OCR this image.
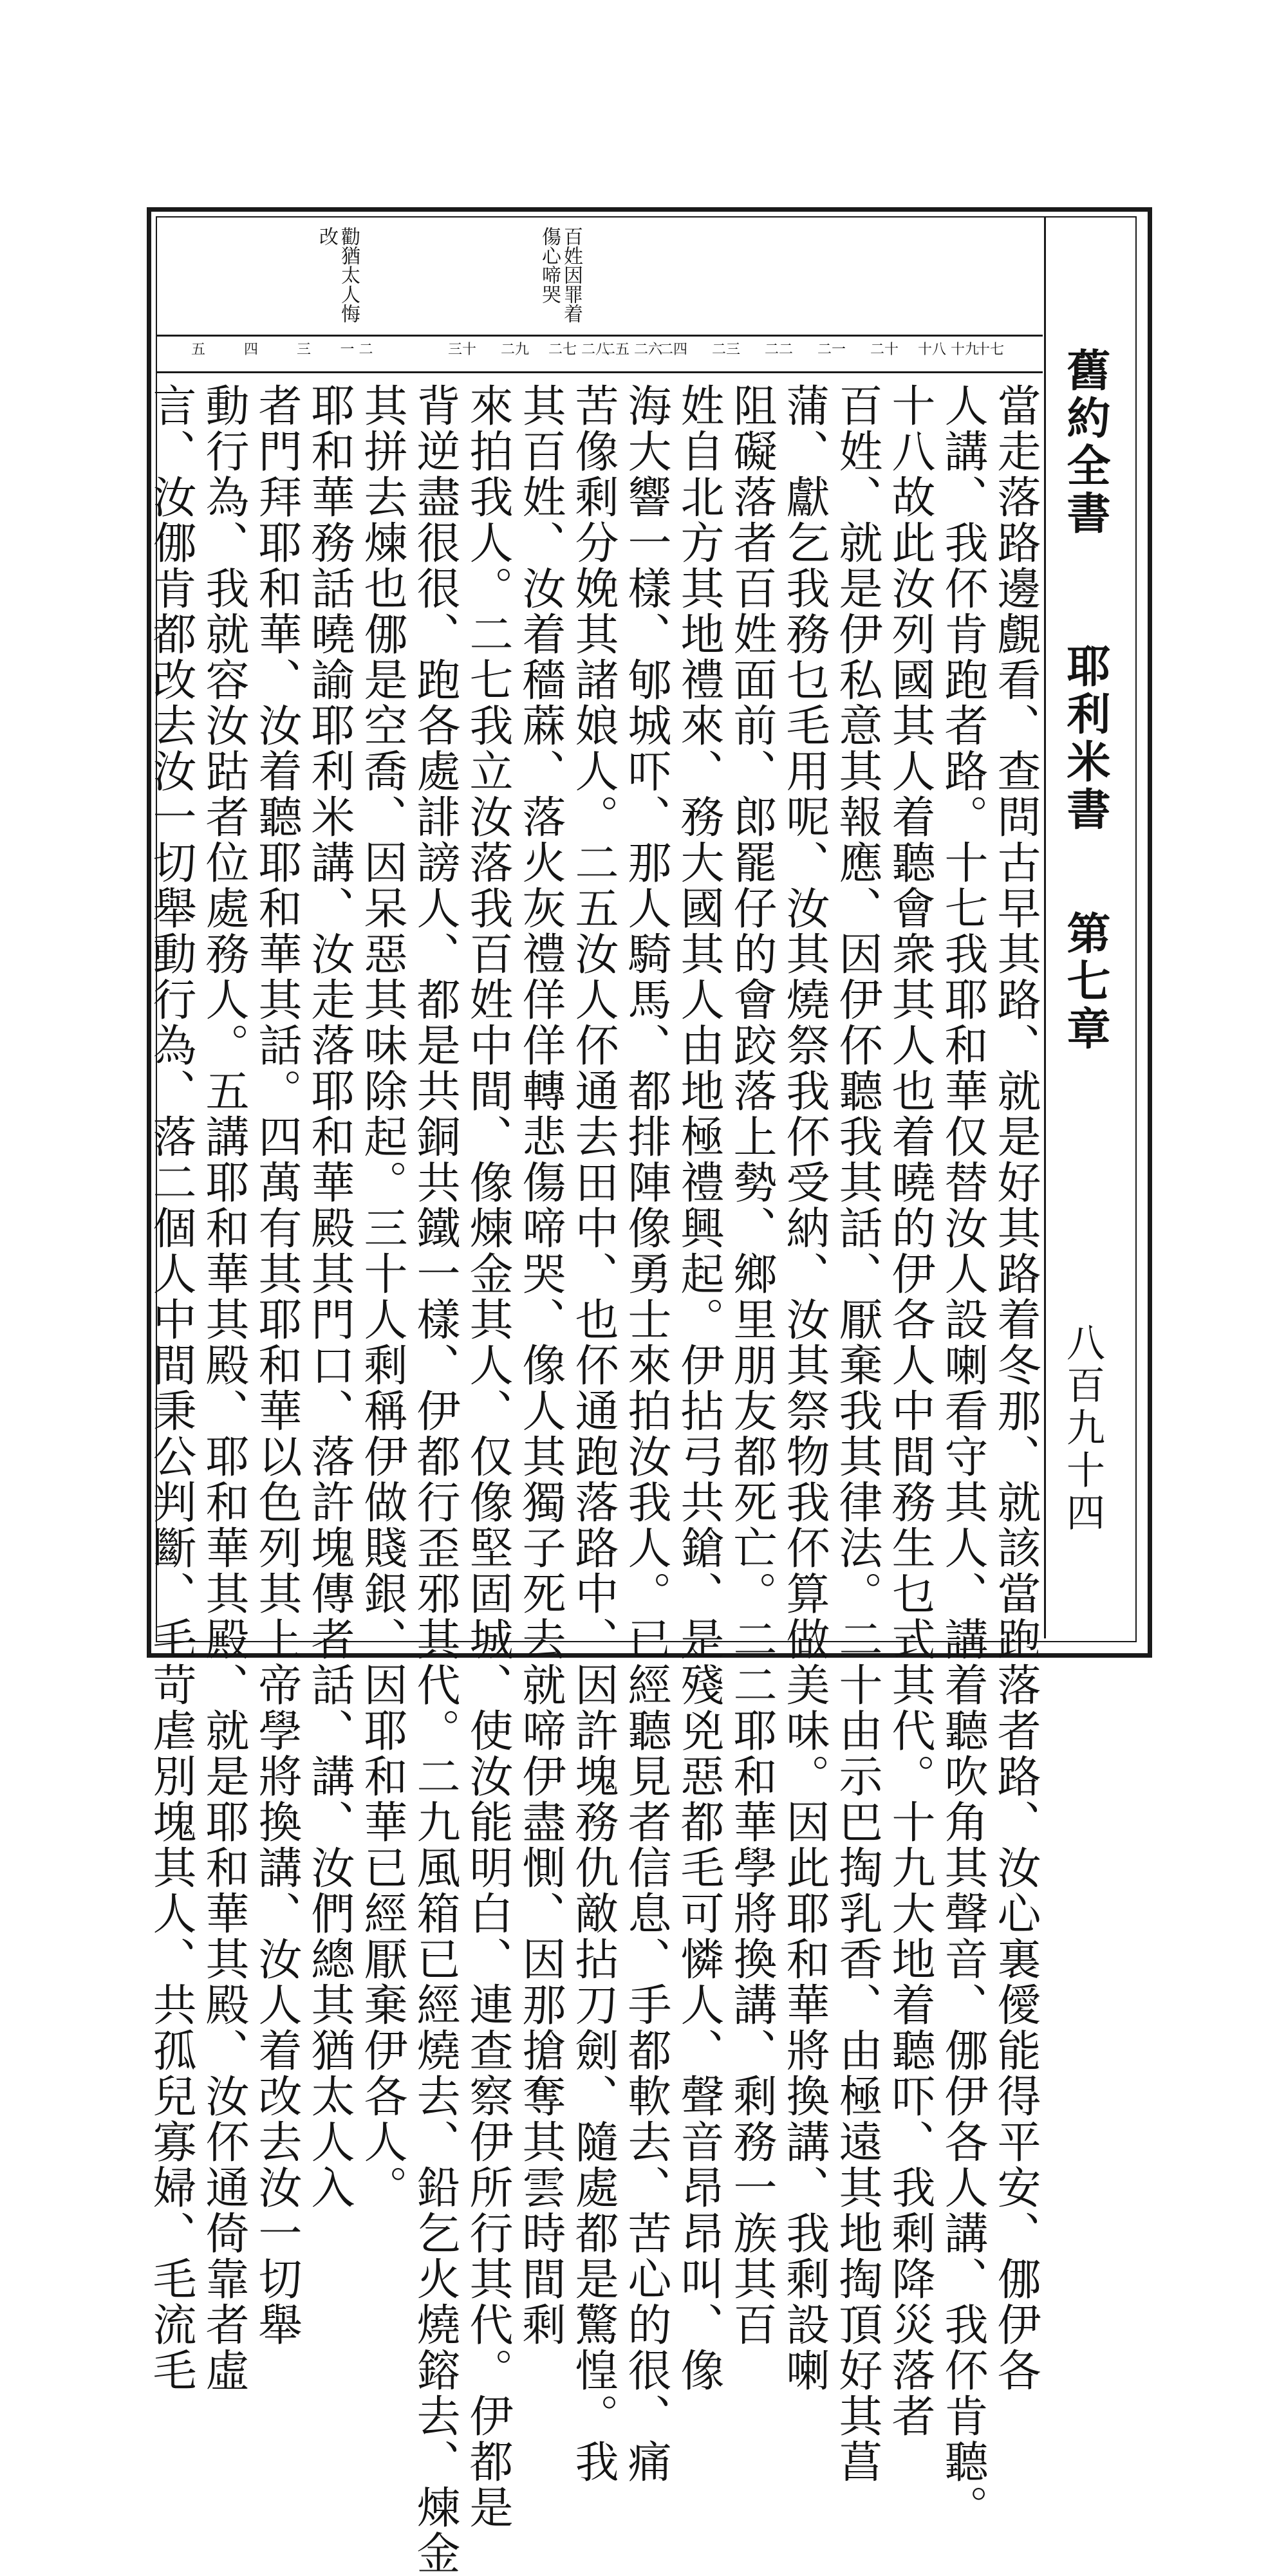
舊約全書
耶利米書
第七章
八百九十四
百姓因罪着傷心啼哭
勸猶太人悔改
十七
十八 十九
二十
二一
二二
二三
二四
二五 二六
二七 二八
二九
三十
一 二
三
四
五
當走落路邊覻看、查問古早其路、就是好其路着冬那、就該當跑落者路、汝心裏僾能得平安、㑚伊各
人講、我伓肯跑者路。十七我耶和華仅替汝人設喇看守其人、講着聽吹角其聲音、㑚伊各人講、我伓肯聽。
十八故此汝列國其人着聽會衆其人也着曉的伊各人中間務生乜式其代。十九大地着聽吓、我剩降災落者
百姓、就是伊私意其報應、因伊伓聽我其話、厭棄我其律法。二十由示巴掏乳香、由極遠其地掏頂好其菖
蒲、獻乞我務乜毛用呢、汝其燒祭我伓受納、汝其祭物我伓算做美味。因此耶和華將換講、我剩設喇
阻礙落者百姓面前、郎罷仔的會跤落上勢、鄉里朋友都死亡。二二耶和華學將換講、剩務一族其百
姓自北方其地禮來、務大國其人由地極禮興起。伊拈弓共鎗、是殘兇惡都毛可憐人、聲音昂昂叫、像
海大響一樣、郇城吓、那人騎馬、都排陣像勇士來拍汝我人。已經聽見者信息、手都軟去、苦心的很、痛
苦像剩分娩其諸娘人。二五汝人伓通去田中、也伓通跑落路中、因許塊務仇敵拈刀劍、隨處都是驚惶。我
其百姓、汝着穡蔴、落火灰禮佯佯轉悲傷啼哭、像人其獨子死去就啼伊盡惻、因那搶奪其雲時間剩
來拍我人。二七我立汝落我百姓中間、像煉金其人、仅像堅固城、使汝能明白、連查察伊所行其代。伊都是
背逆盡很很、跑各處誹謗人、都是共銅共鐵一樣、伊都行歪邪其代。二九風箱已經燒去、鉛乞火燒鎔去、煉金
其拼去煉也㑚是空喬、因呆惡其味除起。三十人剩稱伊做賤銀、因耶和華已經厭棄伊各人。
耶和華務話曉諭耶利米講、汝走落耶和華殿其門口、落許塊傳者話、講、汝們總其猶太人入
者門拜耶和華、汝着聽耶和華其話。四萬有其耶和華以色列其上帝學將換講、汝人着改去汝一切舉
動行為、我就容汝跍者位處務人。五講耶和華其殿、耶和華其殿、就是耶和華其殿、汝伓通倚靠者虛
言、汝㑚肯都改去汝一切舉動行為、落二個人中間秉公判斷、毛苛虐別塊其人、共孤兒寡婦、毛流毛
